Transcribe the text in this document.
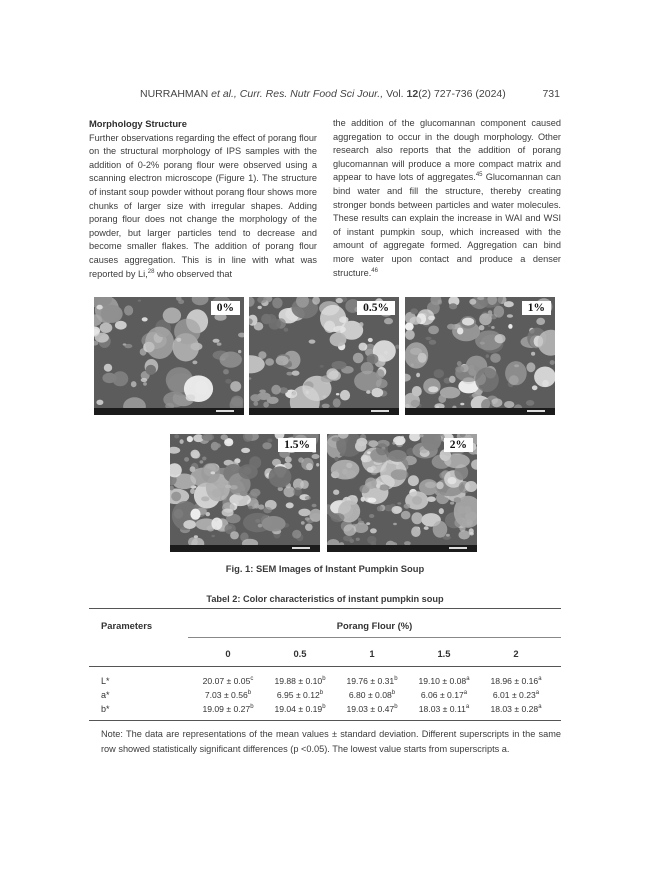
NURRAHMAN et al., Curr. Res. Nutr Food Sci Jour., Vol. 12(2) 727-736 (2024)	731
Morphology Structure

Further observations regarding the effect of porang flour on the structural morphology of IPS samples with the addition of 0-2% porang flour were observed using a scanning electron microscope (Figure 1). The structure of instant soup powder without porang flour shows more chunks of larger size with irregular shapes. Adding porang flour does not change the morphology of the powder, but larger particles tend to decrease and become smaller flakes. The addition of porang flour causes aggregation. This is in line with what was reported by Li,$^{28}$ who observed that

the addition of the glucomannan component caused aggregation to occur in the dough morphology. Other research also reports that the addition of porang glucomannan will produce a more compact matrix and appear to have lots of aggregates.$^{45}$ Glucomannan can bind water and fill the structure, thereby creating stronger bonds between particles and water molecules. These results can explain the increase in WAI and WSI of instant pumpkin soup, which increased with the amount of aggregate formed. Aggregation can bind more water upon contact and produce a denser structure.$^{46}$

0%	0.5%	1%
1.5%	2%
Fig. 1: SEM Images of Instant Pumpkin Soup
Tabel 2: Color characteristics of instant pumpkin soup
Parameters	Porang Flour (%)
0	0.5	1	1.5	2
L*	20.07 ± 0.05$^c$	19.88 ± 0.10$^b$	19.76 ± 0.31$^b$	19.10 ± 0.08$^a$	18.96 ± 0.16$^a$
a*	7.03 ± 0.56$^b$	6.95 ± 0.12$^b$	6.80 ± 0.08$^b$	6.06 ± 0.17$^a$	6.01 ± 0.23$^a$
b*	19.09 ± 0.27$^b$	19.04 ± 0.19$^b$	19.03 ± 0.47$^b$	18.03 ± 0.11$^a$	18.03 ± 0.28$^a$
Note: The data are representations of the mean values ± standard deviation. Different superscripts in the same row showed statistically significant differences (p <0.05). The lowest value starts from superscripts a.
